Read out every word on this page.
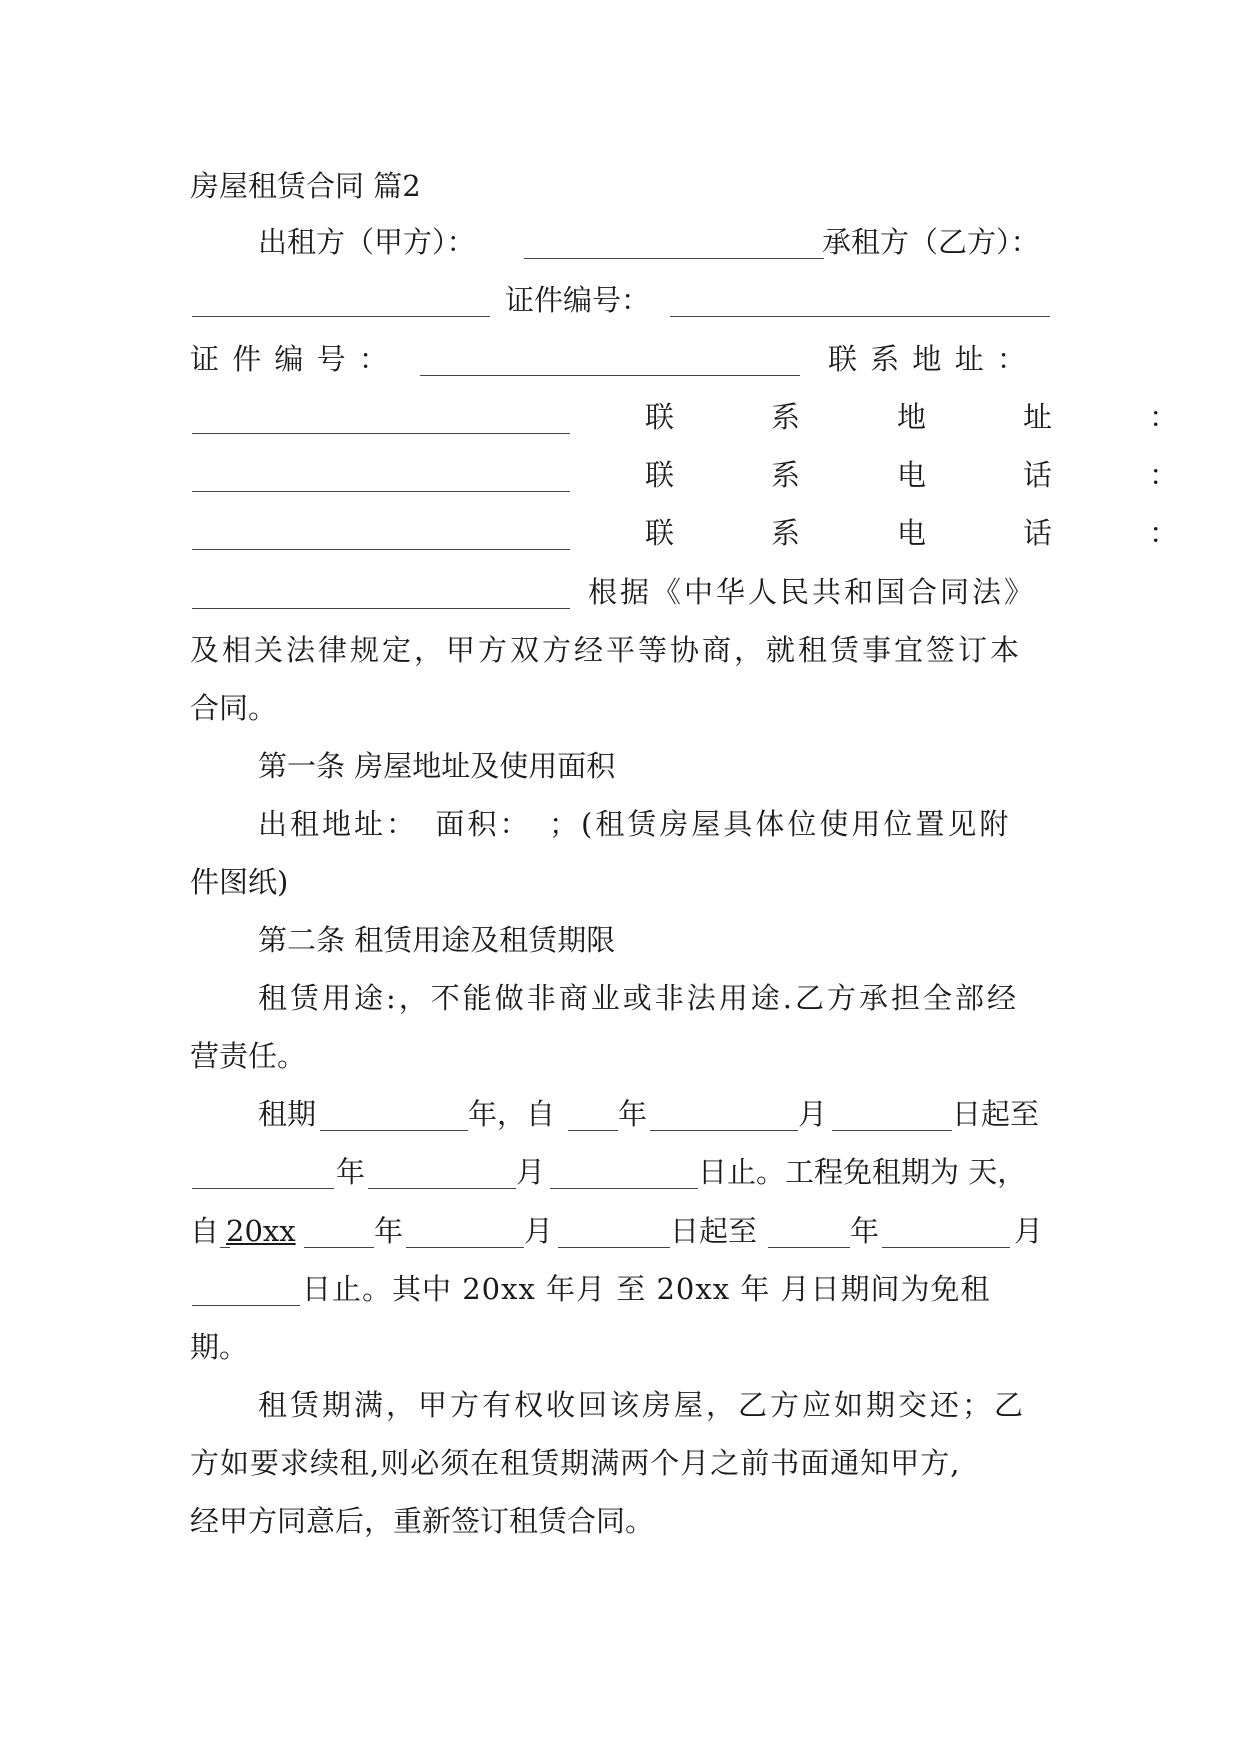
房屋租赁合同 篇2
出租方（甲方）：	承租方（乙方）：
证件编号：
证 件 编 号 ：	联 系 地 址 ：
联　系　地　址　：
联　系　电　话　：
联　系　电　话　：
根据《中华人民共和国合同法》
及相关法律规定，甲方双方经平等协商，就租赁事宜签订本
合同。
第一条 房屋地址及使用面积
出租地址：　面积：　；(租赁房屋具体位使用位置见附
件图纸)
第二条 租赁用途及租赁期限
租赁用途:，不能做非商业或非法用途.乙方承担全部经
营责任。
租期	年，自 年	月	日起至
年	月	日止。工程免租期为 天，
自 20xx	年	月	日起至	年	月
日止。其中 20xx 年月 至 20xx 年 月日期间为免租
期。
租赁期满，甲方有权收回该房屋，乙方应如期交还；乙
方如要求续租,则必须在租赁期满两个月之前书面通知甲方,
经甲方同意后，重新签订租赁合同。
